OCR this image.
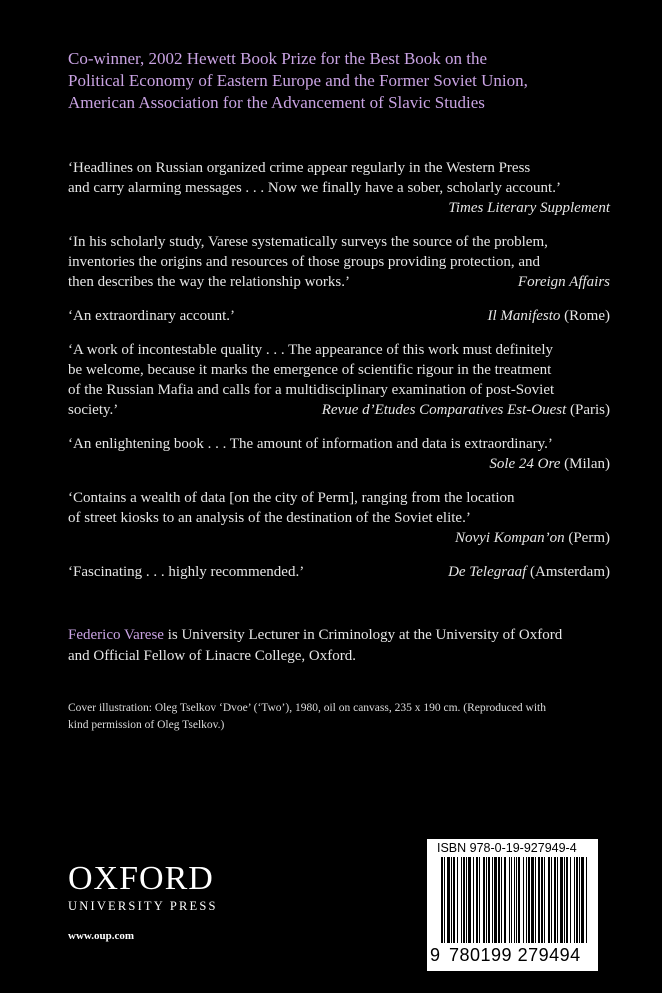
Co-winner, 2002 Hewett Book Prize for the Best Book on the
Political Economy of Eastern Europe and the Former Soviet Union,
American Association for the Advancement of Slavic Studies
‘Headlines on Russian organized crime appear regularly in the Western Press
and carry alarming messages . . . Now we finally have a sober, scholarly account.’
Times Literary Supplement
‘In his scholarly study, Varese systematically surveys the source of the problem,
inventories the origins and resources of those groups providing protection, and
then describes the way the relationship works.’	Foreign Affairs
‘An extraordinary account.’	Il Manifesto (Rome)
‘A work of incontestable quality . . . The appearance of this work must definitely
be welcome, because it marks the emergence of scientific rigour in the treatment
of the Russian Mafia and calls for a multidisciplinary examination of post-Soviet
society.’	Revue d’Etudes Comparatives Est-Ouest (Paris)
‘An enlightening book . . . The amount of information and data is extraordinary.’
Sole 24 Ore (Milan)
‘Contains a wealth of data [on the city of Perm], ranging from the location
of street kiosks to an analysis of the destination of the Soviet elite.’
Novyi Kompan’on (Perm)
‘Fascinating . . . highly recommended.’	De Telegraaf (Amsterdam)
Federico Varese is University Lecturer in Criminology at the University of Oxford
and Official Fellow of Linacre College, Oxford.
Cover illustration: Oleg Tselkov ‘Dvoe’ (‘Two’), 1980, oil on canvass, 235 x 190 cm. (Reproduced with
kind permission of Oleg Tselkov.)
OXFORD
UNIVERSITY PRESS
www.oup.com
ISBN 978-0-19-927949-4
9 780199 279494
